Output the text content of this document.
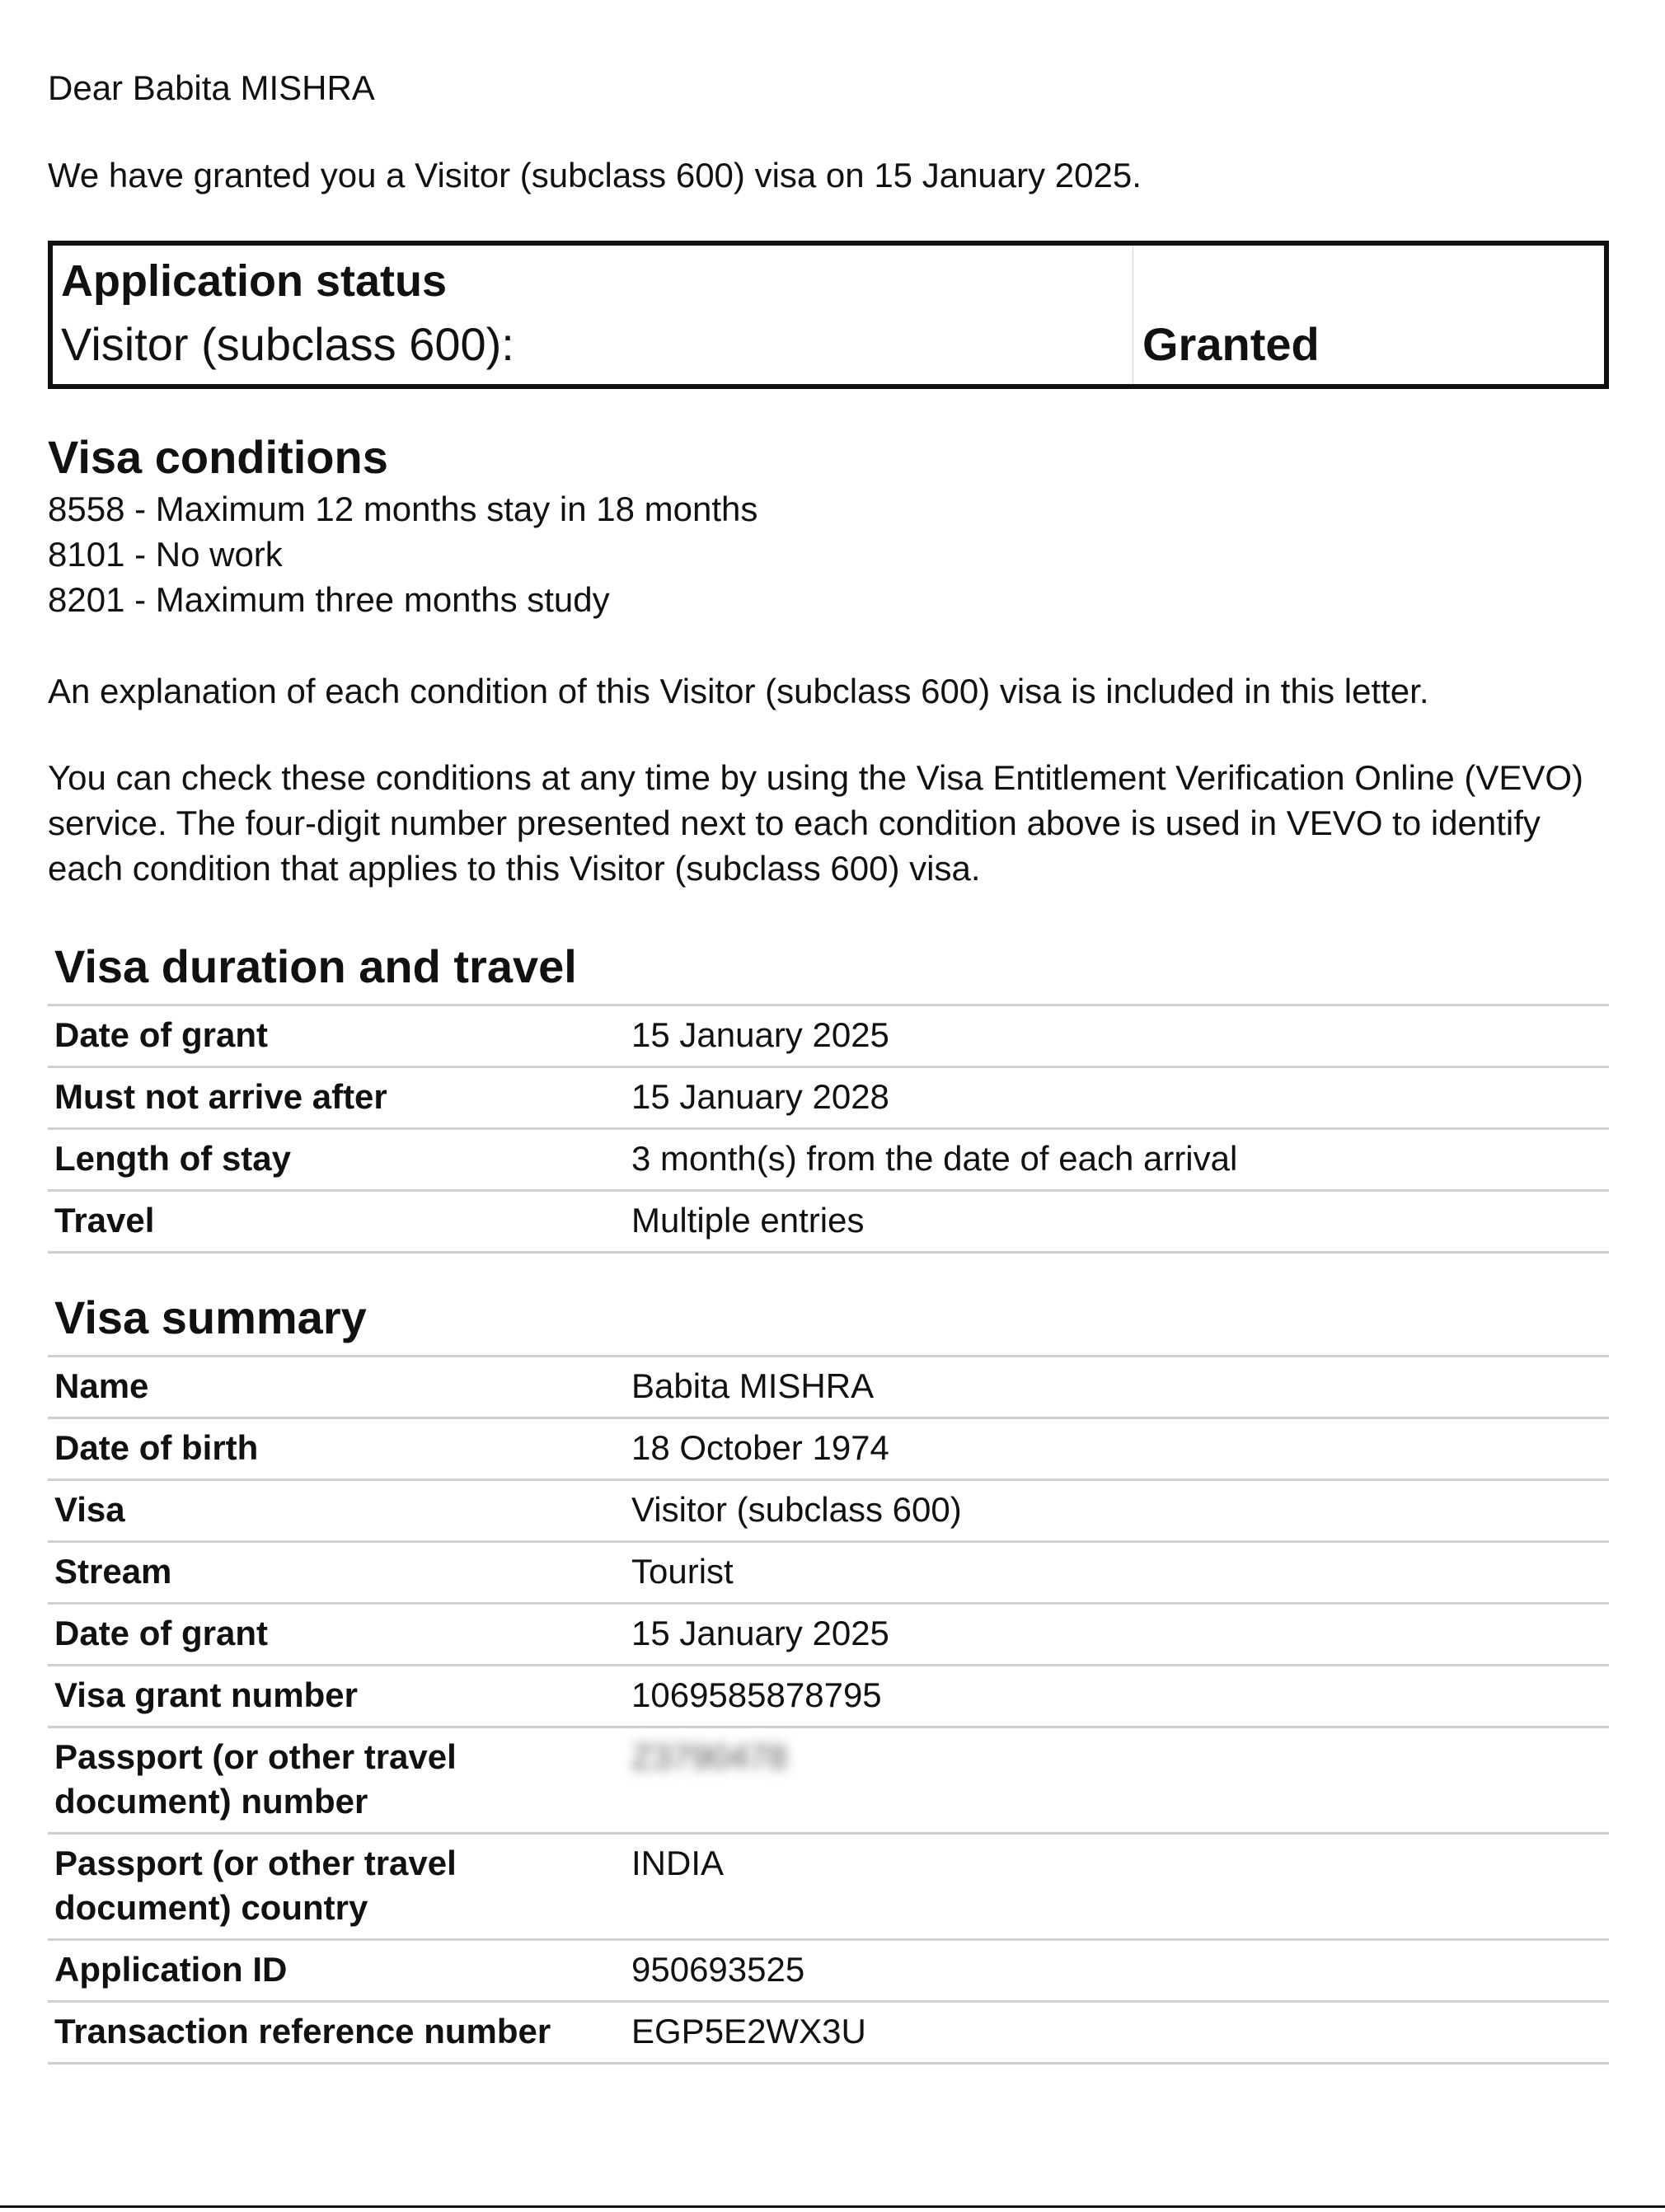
Dear Babita MISHRA
We have granted you a Visitor (subclass 600) visa on 15 January 2025.
Application status
Visitor (subclass 600):	Granted
Visa conditions
8558 - Maximum 12 months stay in 18 months
8101 - No work
8201 - Maximum three months study
An explanation of each condition of this Visitor (subclass 600) visa is included in this letter.
You can check these conditions at any time by using the Visa Entitlement Verification Online (VEVO) service. The four-digit number presented next to each condition above is used in VEVO to identify each condition that applies to this Visitor (subclass 600) visa.
Visa duration and travel
Date of grant	15 January 2025
Must not arrive after	15 January 2028
Length of stay	3 month(s) from the date of each arrival
Travel	Multiple entries
Visa summary
Name	Babita MISHRA
Date of birth	18 October 1974
Visa	Visitor (subclass 600)
Stream	Tourist
Date of grant	15 January 2025
Visa grant number	1069585878795
Passport (or other travel document) number	Z3790478
Passport (or other travel document) country	INDIA
Application ID	950693525
Transaction reference number	EGP5E2WX3U
